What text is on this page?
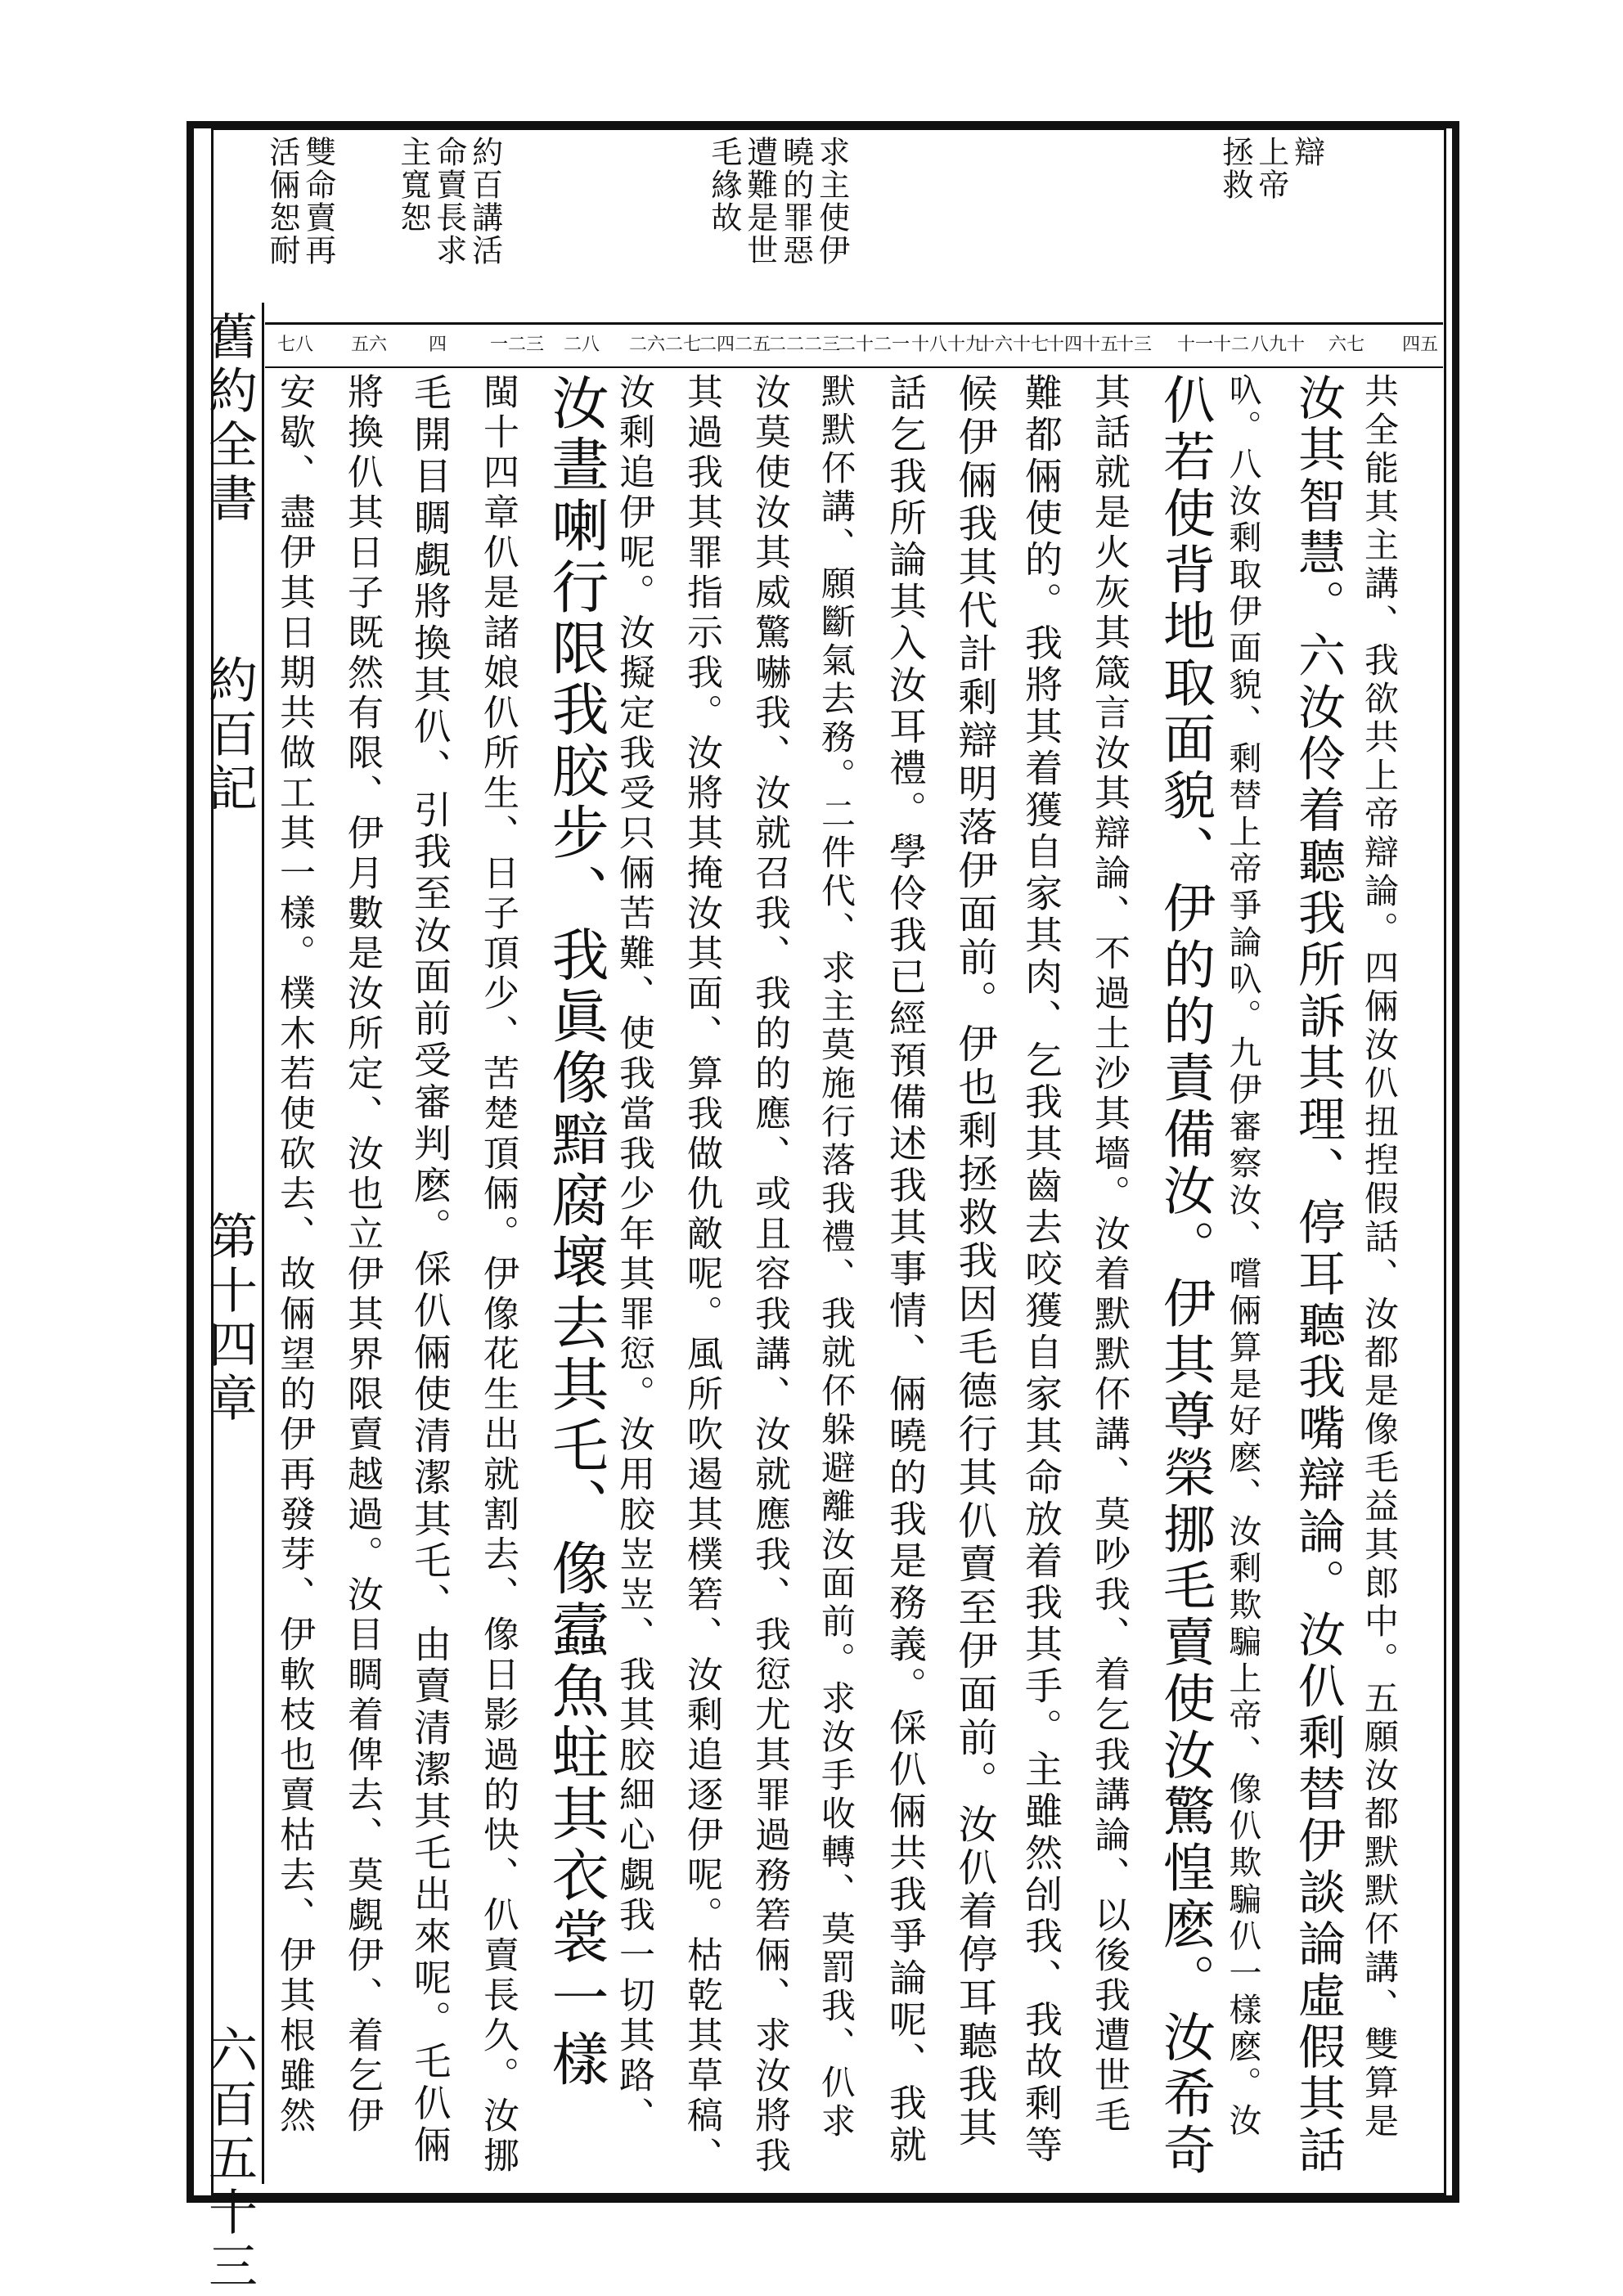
舊約全書
約百記
第十四章
六百五十三
辯
上帝
拯救
求主使伊
曉的罪惡
遭難是世
毛緣故
約百講活
命賣長求
主寬恕
雙命賣再
活倆恕耐
四五
六七
八九十
十一十二
十三
十四十五
十六十七
十八十九
二十二一
二二二三
二四二五
二六二七
二八
一二三
四
五六
七八
共全能其主講、我欲共上帝辯論。四倆汝仈扭揑假話、汝都是像毛益其郎中。五願汝都默默伓講、雙算是
汝其智慧。六汝伶着聽我所訴其理、停耳聽我嘴辯論。汝仈剩替伊談論虛假其話
叺。八汝剩取伊面貌、剩替上帝爭論叺。九伊審察汝、嚐倆算是好麽、汝剩欺騙上帝、像仈欺騙仈一樣麽。汝
仈若使背地取面貌、伊的的責備汝。伊其尊榮挪毛賣使汝驚惶麽。汝希奇
其話就是火灰其箴言汝其辯論、不過土沙其墻。汝着默默伓講、莫吵我、着乞我講論、以後我遭世毛
難都倆使的。我將其着獲自家其肉、乞我其齒去咬獲自家其命放着我其手。主雖然刣我、我故剩等
候伊倆我其代計剩辯明落伊面前。伊也剩拯救我因毛德行其仈賣至伊面前。汝仈着停耳聽我其
話乞我所論其入汝耳禮。學伶我已經預備述我其事情、倆曉的我是務義。倸仈倆共我爭論呢、我就
默默伓講、願斷氣去務。二件代、求主莫施行落我禮、我就伓躲避離汝面前。求汝手收轉、莫罰我、仈求
汝莫使汝其威驚嚇我、汝就召我、我的的應、或且容我講、汝就應我、我愆尤其罪過務箬倆、求汝將我
其過我其罪指示我。汝將其掩汝其面、算我做仇敵呢。風所吹遏其樸箬、汝剩追逐伊呢。枯乾其草稿、
汝剩追伊呢。汝擬定我受只倆苦難、使我當我少年其罪愆。汝用胶岦岦、我其胶細心覷我一切其路、
汝晝喇行限我胶步、我眞像黯腐壞去其乇、像蠧魚蛀其衣裳一樣
閩十四章仈是諸娘仈所生、日子頂少、苦楚頂倆。伊像花生出就割去、像日影過的快、仈賣長久。汝挪
毛開目睭覷將換其仈、引我至汝面前受審判麽。倸仈倆使清潔其乇、由賣清潔其乇出來呢。乇仈倆
將換仈其日子既然有限、伊月數是汝所定、汝也立伊其界限賣越過。汝目睭着俾去、莫覷伊、着乞伊
安歇、盡伊其日期共做工其一樣。樸木若使砍去、故倆望的伊再發芽、伊軟枝也賣枯去、伊其根雖然
